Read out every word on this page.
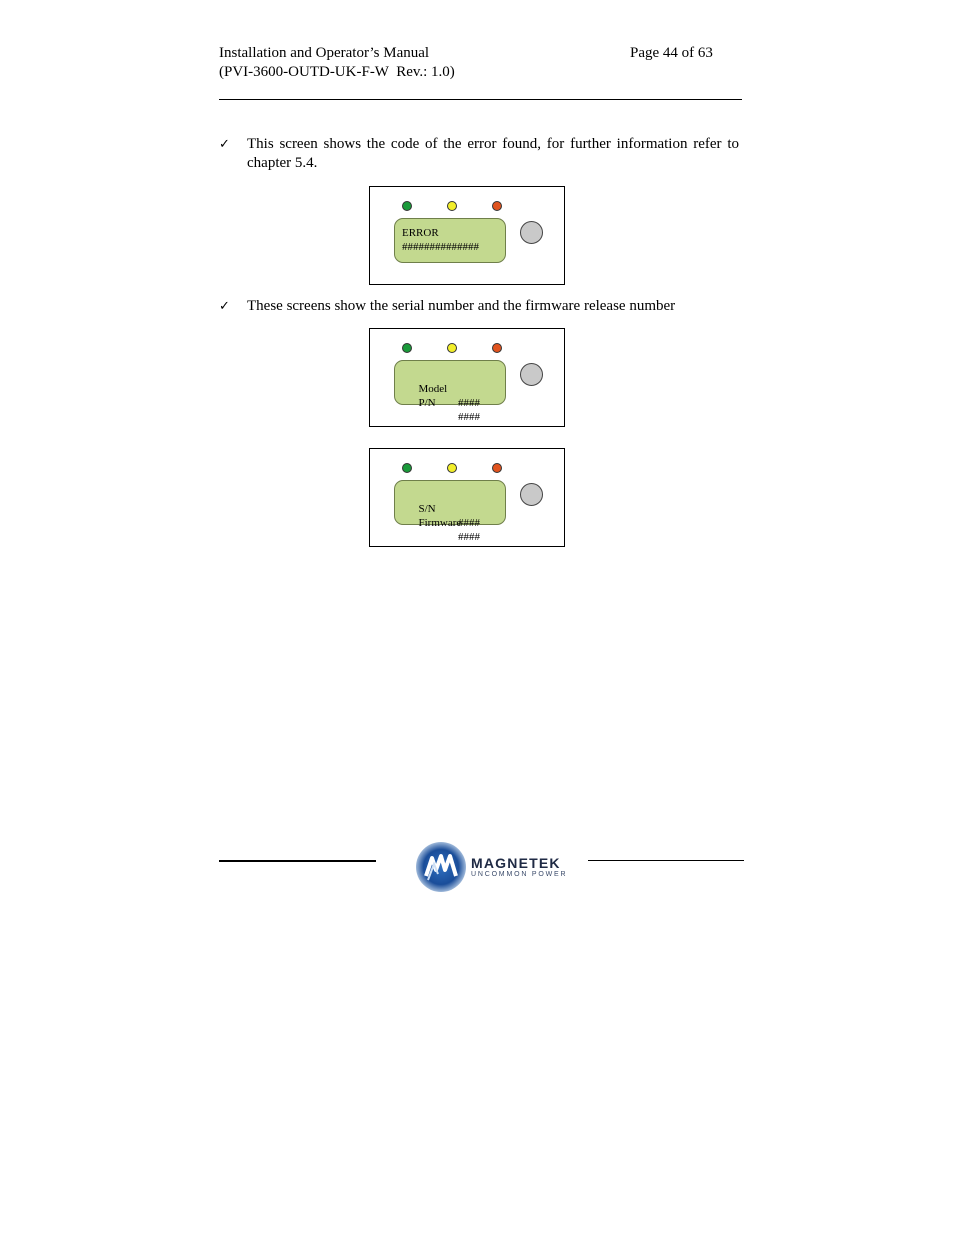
Installation and Operator’s Manual
(PVI-3600-OUTD-UK-F-W  Rev.: 1.0)
Page 44 of 63
✓ This screen shows the code of the error found, for further information refer to chapter 5.4.
ERROR
##############
✓ These screens show the serial number and the firmware release number

Model

####

P/N

####

S/N

####

Firmware

####

MAGNETEK
UNCOMMON POWER
